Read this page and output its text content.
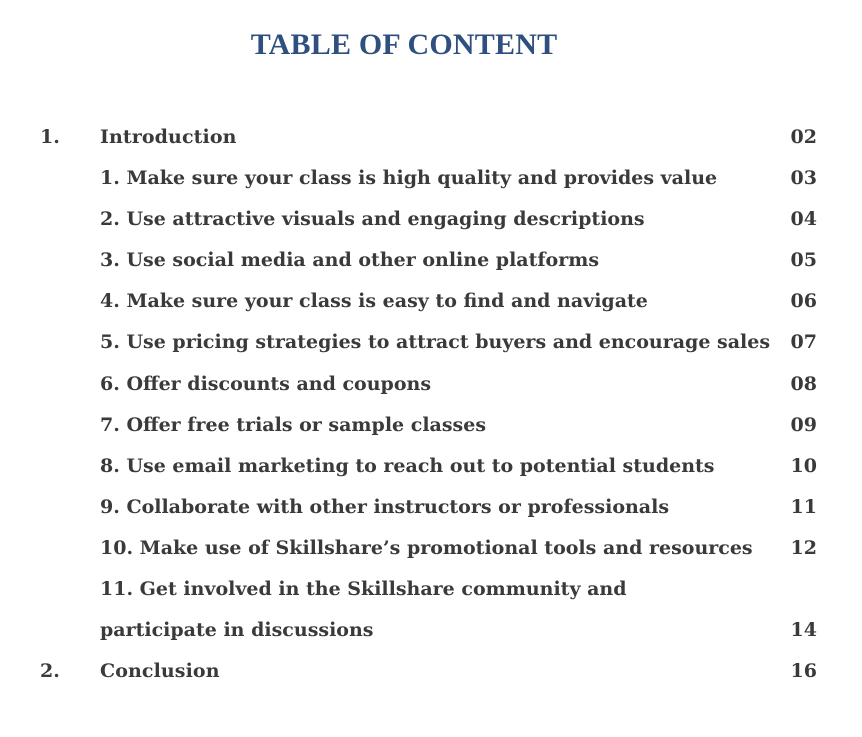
TABLE OF CONTENT
1. Introduction	02
1. Make sure your class is high quality and provides value	03
2. Use attractive visuals and engaging descriptions	04
3. Use social media and other online platforms	05
4. Make sure your class is easy to find and navigate	06
5. Use pricing strategies to attract buyers and encourage sales 07
6. Offer discounts and coupons	08
7. Offer free trials or sample classes	09
8. Use email marketing to reach out to potential students	10
9. Collaborate with other instructors or professionals	11
10. Make use of Skillshare’s promotional tools and resources 12
11. Get involved in the Skillshare community and
participate in discussions	14
2. Conclusion	16
